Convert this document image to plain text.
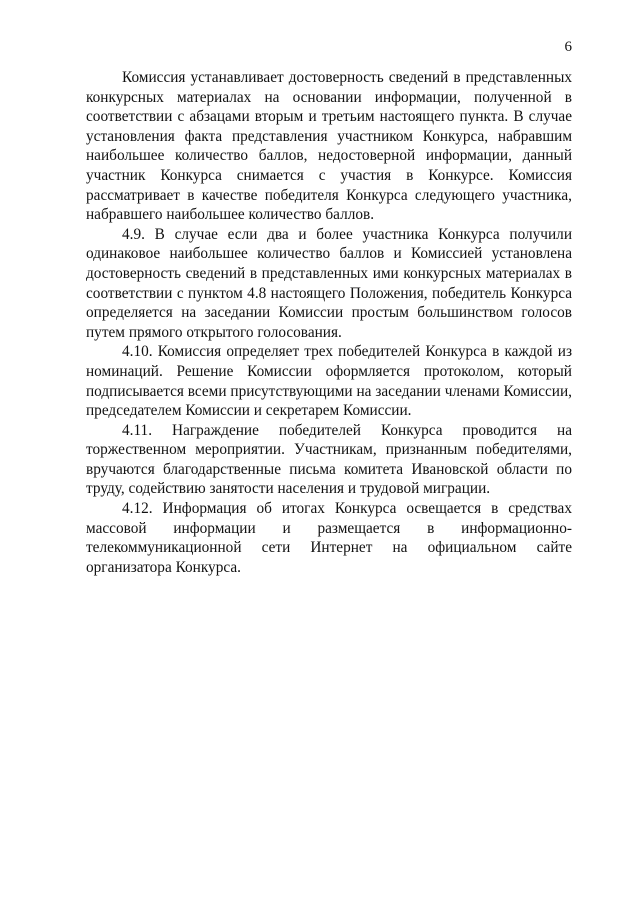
6

Комиссия устанавливает достоверность сведений в представленных конкурсных материалах на основании информации, полученной в соответствии с абзацами вторым и третьим настоящего пункта. В случае установления факта представления участником Конкурса, набравшим наибольшее количество баллов, недостоверной информации, данный участник Конкурса снимается с участия в Конкурсе. Комиссия рассматривает в качестве победителя Конкурса следующего участника, набравшего наибольшее количество баллов.

4.9. В случае если два и более участника Конкурса получили одинаковое наибольшее количество баллов и Комиссией установлена достоверность сведений в представленных ими конкурсных материалах в соответствии с пунктом 4.8 настоящего Положения, победитель Конкурса определяется на заседании Комиссии простым большинством голосов путем прямого открытого голосования.

4.10. Комиссия определяет трех победителей Конкурса в каждой из номинаций. Решение Комиссии оформляется протоколом, который подписывается всеми присутствующими на заседании членами Комиссии, председателем Комиссии и секретарем Комиссии.

4.11. Награждение победителей Конкурса проводится на торжественном мероприятии. Участникам, признанным победителями, вручаются благодарственные письма комитета Ивановской области по труду, содействию занятости населения и трудовой миграции.

4.12. Информация об итогах Конкурса освещается в средствах массовой информации и размещается в информационно-телекоммуникационной сети Интернет на официальном сайте организатора Конкурса.
